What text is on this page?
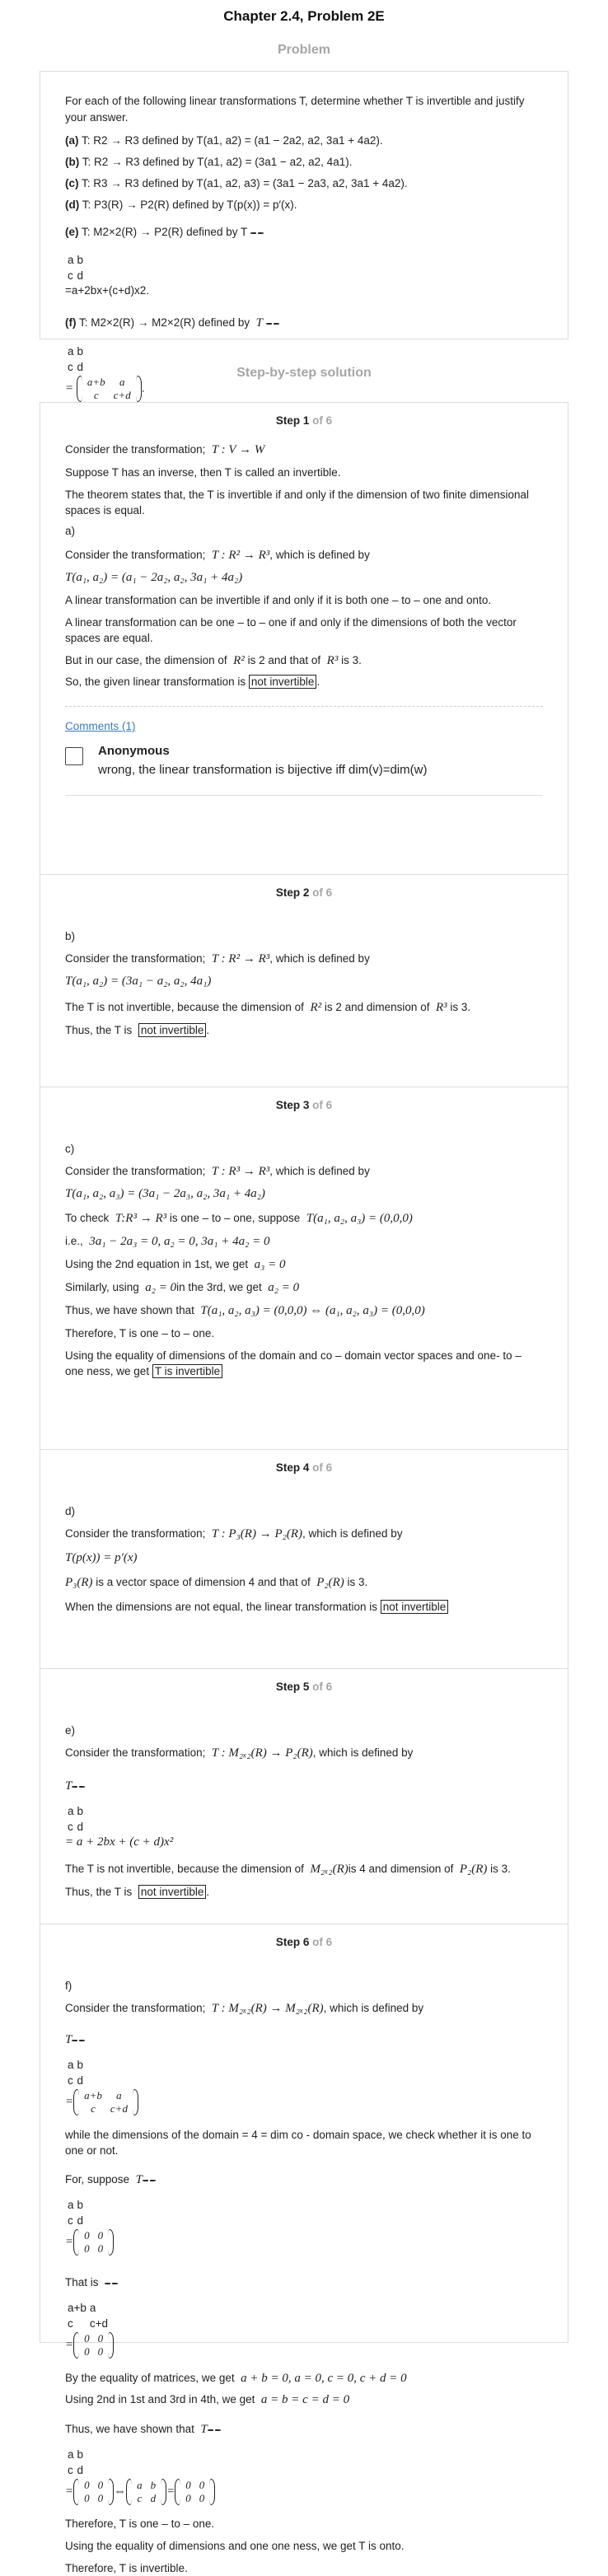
Chapter 2.4, Problem 2E
Problem

For each of the following linear transformations T, determine whether T is invertible and justify your answer.

(a) T: R2 → R3 defined by T(a1, a2) = (a1 − 2a2, a2, 3a1 + 4a2).

(b) T: R2 → R3 defined by T(a1, a2) = (3a1 − a2, a2, 4a1).

(c) T: R3 → R3 defined by T(a1, a2, a3) = (3a1 − 2a3, a2, 3a1 + 4a2).

(d) T: P3(R) → P2(R) defined by T(p(x)) = p′(x).

(e) T: M2×2(R) → P2(R) defined by T

a	b
c	d
=a+2bx+(c+d)x2.

(f) T: M2×2(R) → M2×2(R) defined by  T

a	b
c	d
=
a+b	a
c	c+d
.

Step-by-step solution

Step 1 of 6

Consider the transformation; T : V → W

Suppose T has an inverse, then T is called an invertible.

The theorem states that, the T is invertible if and only if the dimension of two finite dimensional spaces is equal.

a)

Consider the transformation; T : R² → R³, which is defined by

T(a₁, a₂) = (a₁ − 2a₂, a₂, 3a₁ + 4a₂)

A linear transformation can be invertible if and only if it is both one – to – one and onto.

A linear transformation can be one – to – one if and only if the dimensions of both the vector spaces are equal.

But in our case, the dimension of R² is 2 and that of R³ is 3.

So, the given linear transformation is not invertible .

Comments (1)

Anonymous
wrong, the linear transformation is bijective iff dim(v)=dim(w)

Step 2 of 6

b)

Consider the transformation; T : R² → R³, which is defined by

T(a₁, a₂) = (3a₁ − a₂, a₂, 4a₁)

The T is not invertible, because the dimension of R² is 2 and dimension of R³ is 3.

Thus, the T is not invertible .

Step 3 of 6

c)

Consider the transformation; T : R³ → R³, which is defined by

T(a₁, a₂, a₃) = (3a₁ − 2a₃, a₂, 3a₁ + 4a₂)

To check T:R³ → R³ is one – to – one, suppose T(a₁, a₂, a₃) = (0,0,0)

i.e., 3a₁ − 2a₃ = 0, a₂ = 0, 3a₁ + 4a₂ = 0

Using the 2nd equation in 1st, we get a₃ = 0

Similarly, using a₂ = 0in the 3rd, we get a₂ = 0

Thus, we have shown that T(a₁, a₂, a₃) = (0,0,0) ⇔ (a₁, a₂, a₃) = (0,0,0)

Therefore, T is one – to – one.

Using the equality of dimensions of the domain and co – domain vector spaces and one- to – one ness, we get T is invertible

Step 4 of 6

d)

Consider the transformation; T : P₃(R) → P₂(R), which is defined by

T(p(x)) = p′(x)

P₃(R) is a vector space of dimension 4 and that of P₂(R) is 3.

When the dimensions are not equal, the linear transformation is not invertible

Step 5 of 6

e)

Consider the transformation; T : M₂ₓ₂(R) → P₂(R), which is defined by

T

a	b
c	d
= a + 2bx + (c + d)x²

The T is not invertible, because the dimension of M₂ₓ₂(R)is 4 and dimension of P₂(R) is 3.

Thus, the T is not invertible .

Step 6 of 6

f)

Consider the transformation; T : M₂ₓ₂(R) → M₂ₓ₂(R), which is defined by

T

a	b
c	d
=
a+b	a
c	c+d

while the dimensions of the domain = 4 = dim co - domain space, we check whether it is one to one or not.

For, suppose T

a	b
c	d
=
0	0
0	0

That is

a+b	a
c	c+d
=
0	0
0	0

By the equality of matrices, we get a + b = 0, a = 0, c = 0, c + d = 0

Using 2nd in 1st and 3rd in 4th, we get a = b = c = d = 0

Thus, we have shown that T

a	b
c	d
=
0	0
0	0 ⇔
a	b
c	d =
0	0
0	0

Therefore, T is one – to – one.

Using the equality of dimensions and one one ness, we get T is onto.

Therefore, T is invertible.
